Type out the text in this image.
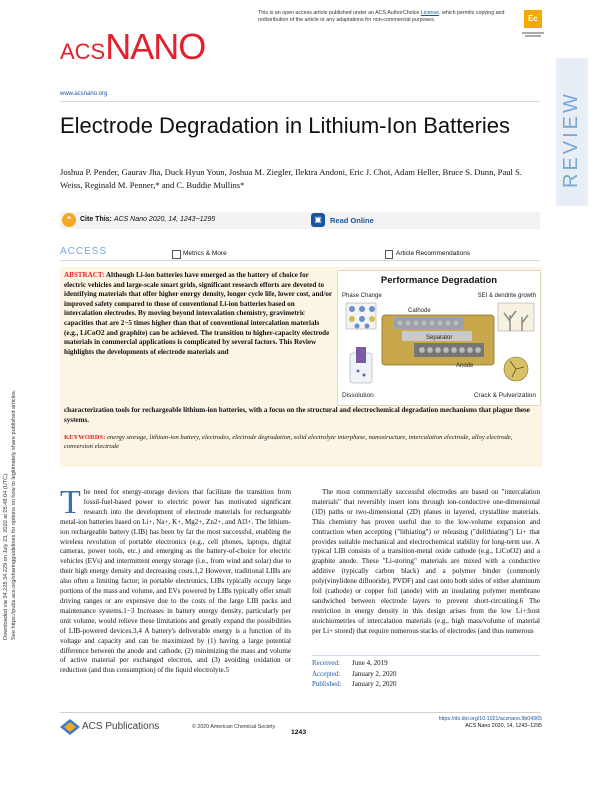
This is an open access article published under an ACS AuthorChoice License, which permits copying and redistribution of the article or any adaptations for non-commercial purposes.	Ec
ACSNANO
www.acsnano.org	REVIEW
Electrode Degradation in Lithium-Ion Batteries
Joshua P. Pender, Gaurav Jha, Duck Hyun Youn, Joshua M. Ziegler, Ilektra Andoni, Eric J. Choi, Adam Heller, Bruce S. Dunn, Paul S. Weiss, Reginald M. Penner,* and C. Buddie Mullins*
❝	Cite This: ACS Nano 2020, 14, 1243−1295	▣	Read Online
ACCESS	Metrics & More	Article Recommendations
ABSTRACT: Although Li-ion batteries have emerged as the battery of choice for electric vehicles and large-scale smart grids, significant research efforts are devoted to identifying materials that offer higher energy density, longer cycle life, lower cost, and/or improved safety compared to those of conventional Li-ion batteries based on intercalation electrodes. By moving beyond intercalation chemistry, gravimetric capacities that are 2−5 times higher than that of conventional intercalation materials (e.g., LiCoO2 and graphite) can be achieved. The transition to higher-capacity electrode materials in commercial applications is complicated by several factors. This Review highlights the developments of electrode materials and
characterization tools for rechargeable lithium-ion batteries, with a focus on the structural and electrochemical degradation mechanisms that plague these systems.
KEYWORDS: energy storage, lithium-ion battery, electrodes, electrode degradation, solid electrolyte interphase, nanostructure, intercalation electrode, alloy electrode, conversion electrode
Performance Degradation
Phase Change	SEI & dendrite growth
Cathode
Separator
Anode
Dissolution	Crack & Pulverization
Downloaded via 34.228.34.229 on July 23, 2020 at 05:48:04 (UTC). See https://pubs.acs.org/sharingguidelines for options on how to legitimately share published articles. The need for energy-storage devices that facilitate the transition from fossil-fuel-based power to electric power has motivated significant research into the development of electrode materials for rechargeable metal-ion batteries based on Li+, Na+, K+, Mg2+, Zn2+, and Al3+. The lithium-ion rechargeable battery (LIB) has been by far the most successful, enabling the wireless revolution of portable electronics (e.g., cell phones, laptops, digital cameras, power tools, etc.) and emerging as the battery-of-choice for electric vehicles (EVs) and intermittent energy storage (i.e., from wind and solar) due to their high energy density and decreasing costs.1,2 However, traditional LIBs are also often a limiting factor; in portable electronics, LIBs typically occupy large portions of the mass and volume, and EVs powered by LIBs typically offer small driving ranges or are expensive due to the costs of the large LIB packs and maintenance systems.1−3 Increases in battery energy density, particularly per unit volume, would relieve these limitations and greatly expand the possibilities of LIB-powered devices.3,4 A battery's deliverable energy is a function of its voltage and capacity and can be maximized by (1) having a large potential difference between the anode and cathode, (2) minimizing the mass and volume of active material per exchanged electron, and (3) avoiding oxidation or reduction (and thus consumption) of the liquid electrolyte.5

The most commercially successful electrodes are based on "intercalation materials" that reversibly insert ions through ion-conductive one-dimensional (1D) paths or two-dimensional (2D) planes in layered, crystalline materials. This chemistry has proven useful due to the low-volume expansion and contraction when accepting ("lithiating") or releasing ("delithiating") Li+ that provides suitable mechanical and electrochemical stability for long-term use. A typical LIB consists of a transition-metal oxide cathode (e.g., LiCoO2) and a graphite anode. These "Li-storing" materials are mixed with a conductive additive (typically carbon black) and a polymer binder (commonly poly(vinylidene difluoride), PVDF) and cast onto both sides of either aluminum foil (cathode) or copper foil (anode) with an insulating polymer membrane sandwiched between electrode layers to prevent short-circuiting.6 The restriction in energy density in this design arises from the low Li+:host stoichiometries of intercalation materials (e.g., high mass/volume of material per Li+ stored) that require numerous stacks of electrodes (and thus numerous

Received: June 4, 2019
Accepted: January 2, 2020
Published: January 2, 2020
ACS Publications	© 2020 American Chemical Society
1243
https://dx.doi.org/10.1021/acsnano.9b04365
ACS Nano 2020, 14, 1243−1295
